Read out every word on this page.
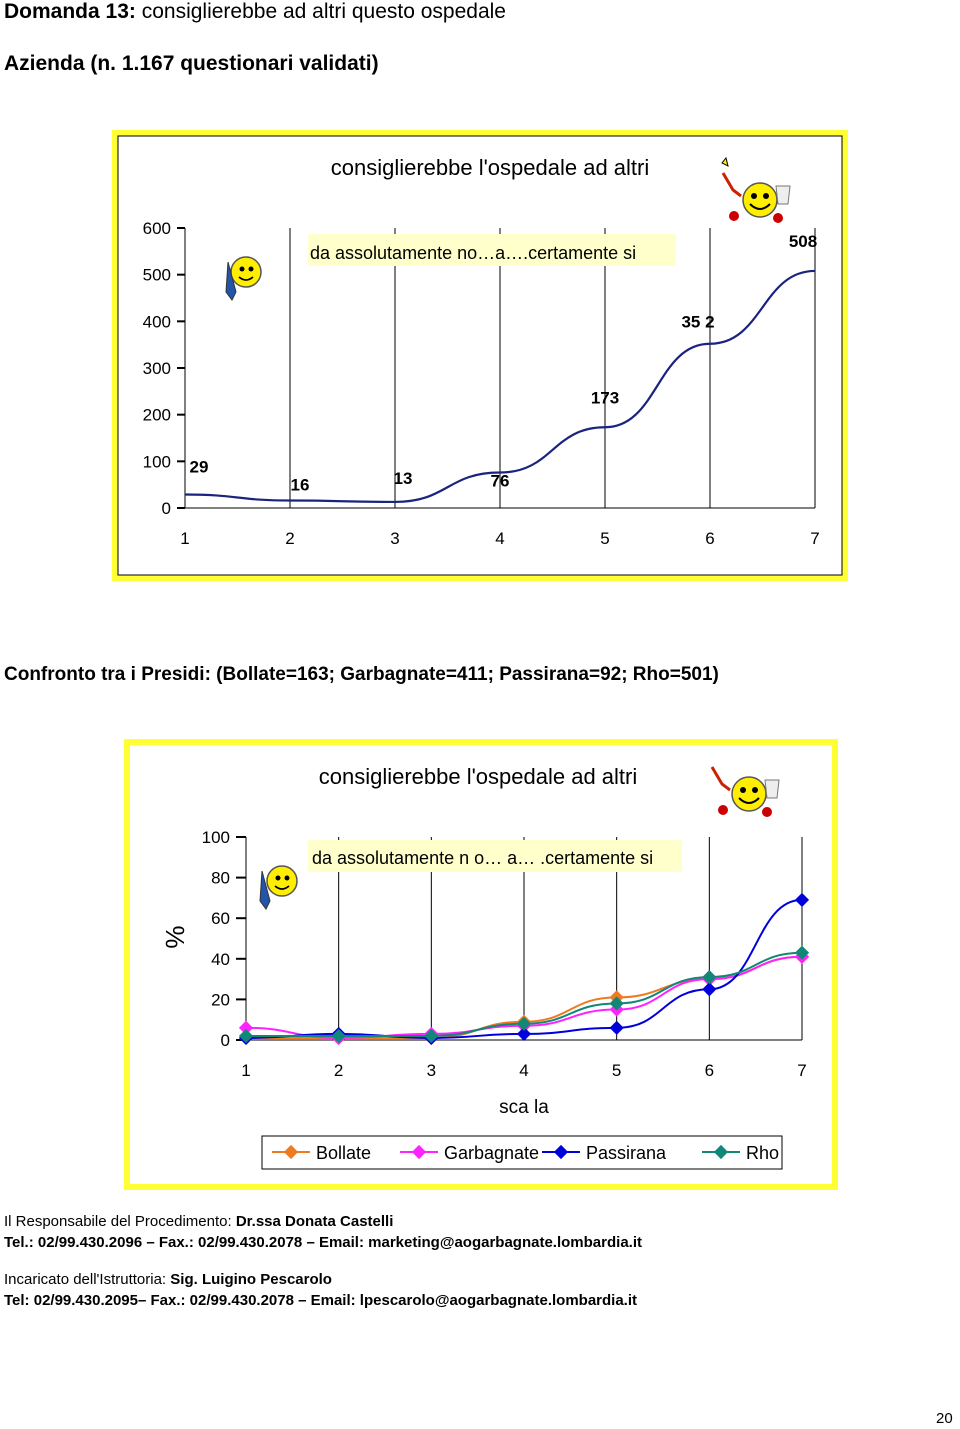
Domanda 13: consiglierebbe ad altri questo ospedale
Azienda (n. 1.167 questionari validati)
consiglierebbe l'ospedale ad altri
0
100
200
300
400
500
600
1	2	3	4	5	6	7
da assolutamente no…a….certamente si
29
16	13	76
173
35 2
508
Confronto tra i Presidi: (Bollate=163; Garbagnate=411; Passirana=92; Rho=501)
consiglierebbe l'ospedale ad altri
0
20
40
60
80
100
1	2	3	4	5	6	7
da assolutamente n o… a… .certamente si
%
sca la
Bollate	Garbagnate	Passirana	Rho
Il Responsabile del Procedimento: Dr.ssa Donata Castelli
Tel.: 02/99.430.2096 – Fax.: 02/99.430.2078 – Email: marketing@aogarbagnate.lombardia.it
Incaricato dell'Istruttoria: Sig. Luigino Pescarolo
Tel: 02/99.430.2095– Fax.: 02/99.430.2078 – Email: lpescarolo@aogarbagnate.lombardia.it
20
